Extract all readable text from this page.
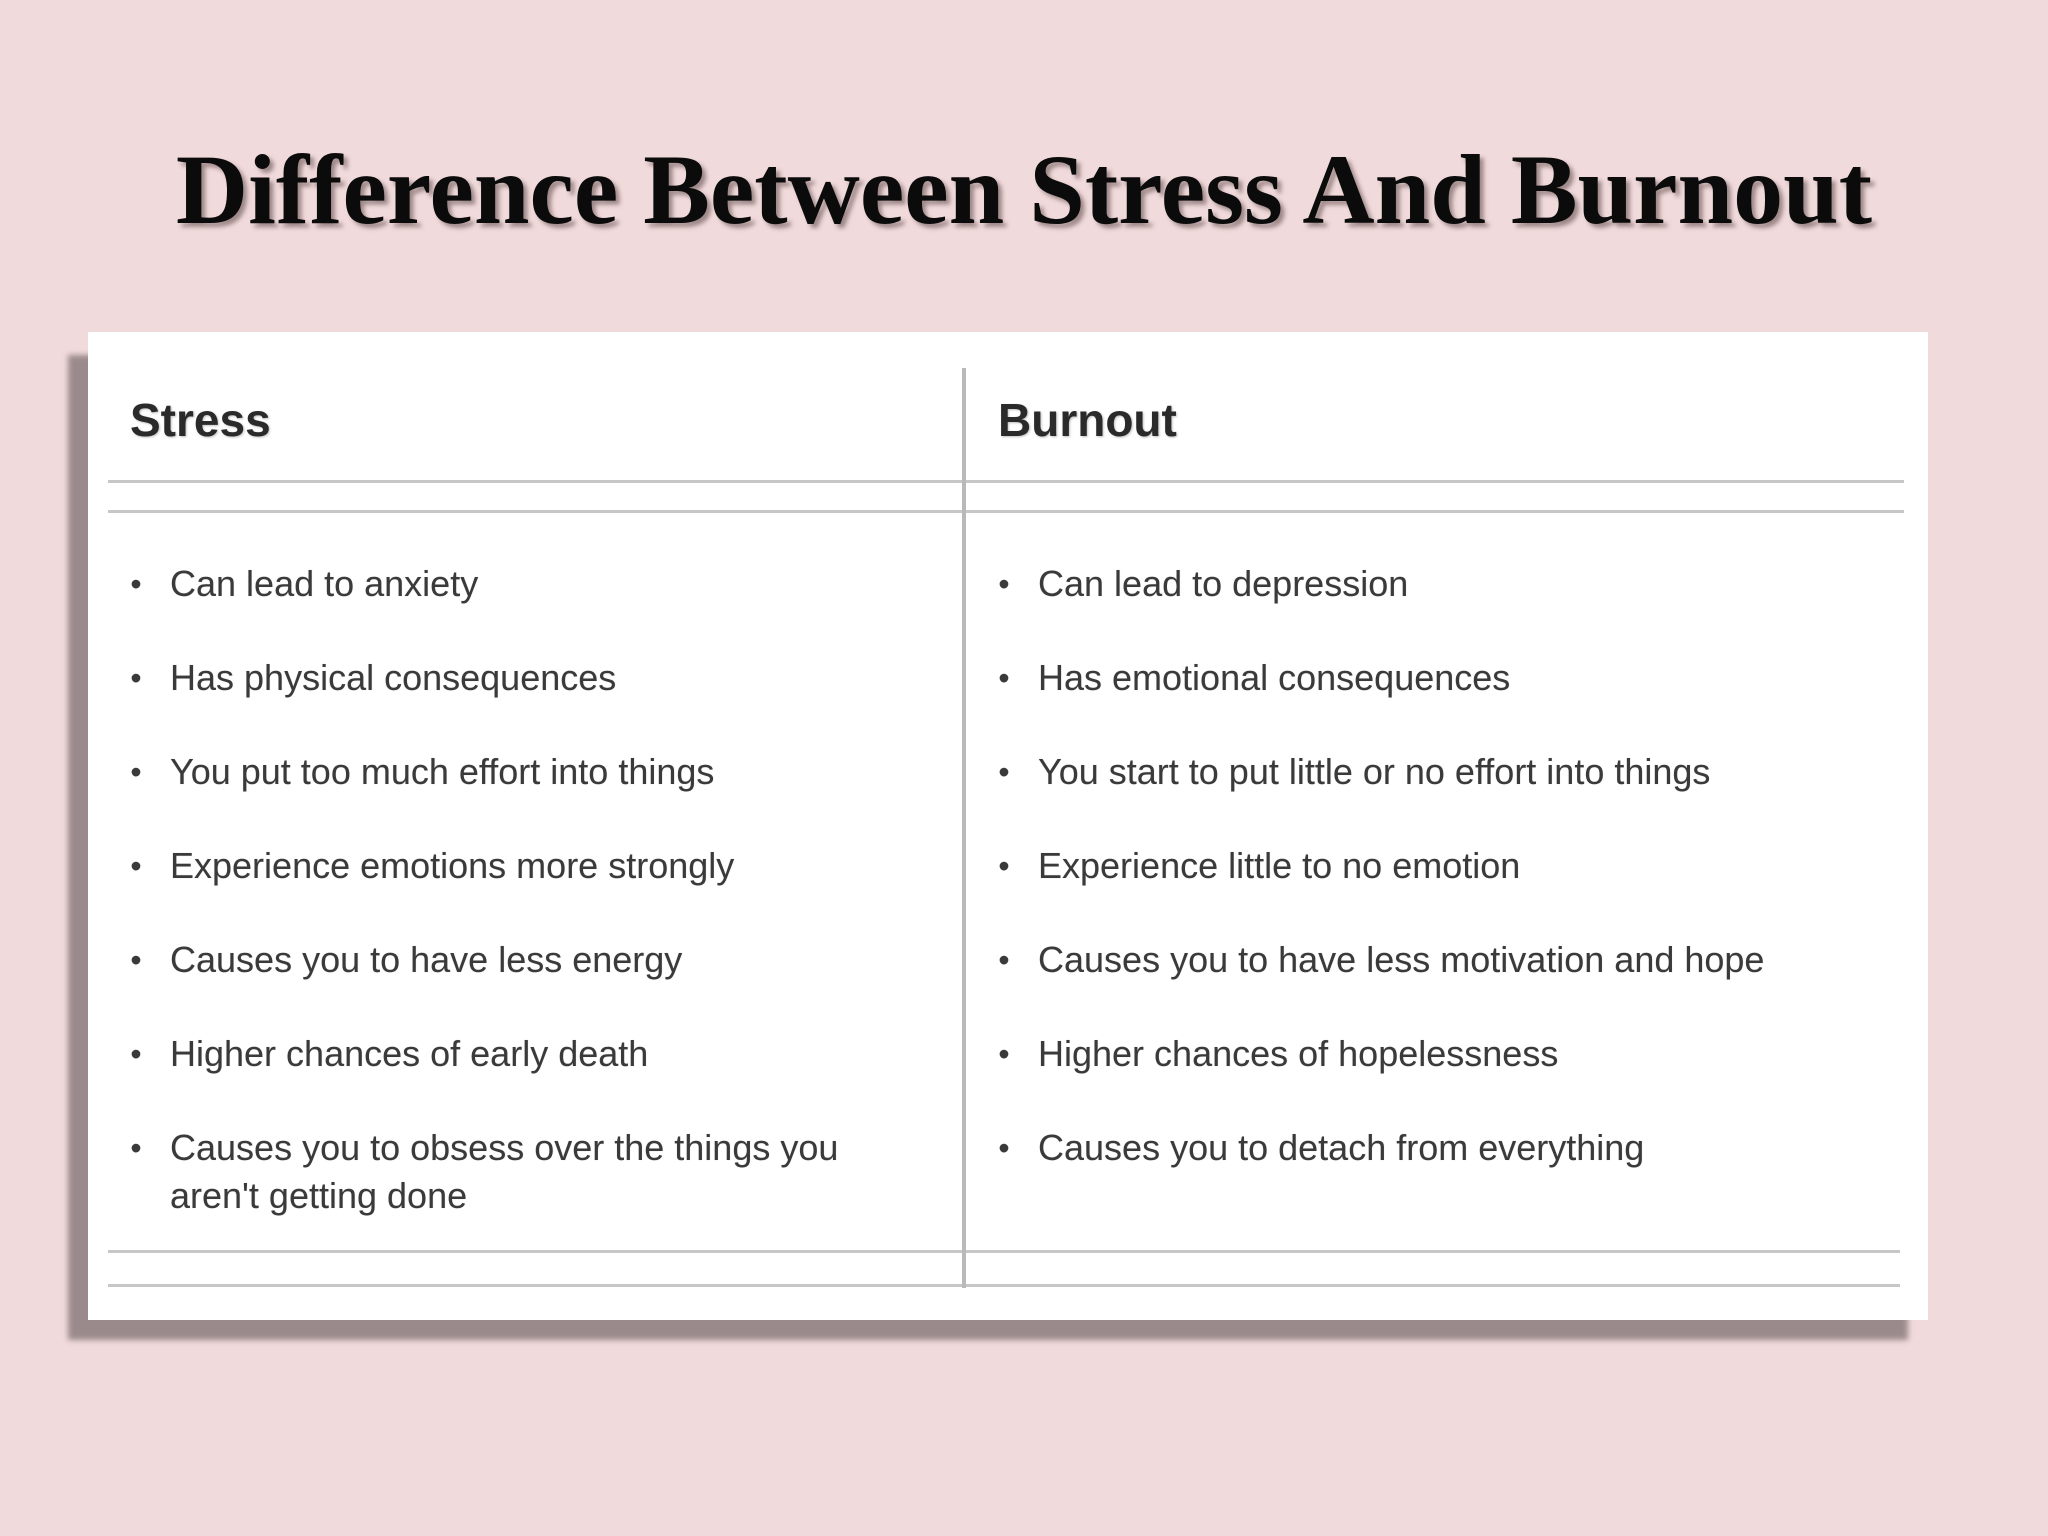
Difference Between Stress And Burnout
Stress
• Can lead to anxiety
• Has physical consequences
• You put too much effort into things
• Experience emotions more strongly
• Causes you to have less energy
• Higher chances of early death
• Causes you to obsess over the things you aren't getting done
Burnout
• Can lead to depression
• Has emotional consequences
• You start to put little or no effort into things
• Experience little to no emotion
• Causes you to have less motivation and hope
• Higher chances of hopelessness
• Causes you to detach from everything
